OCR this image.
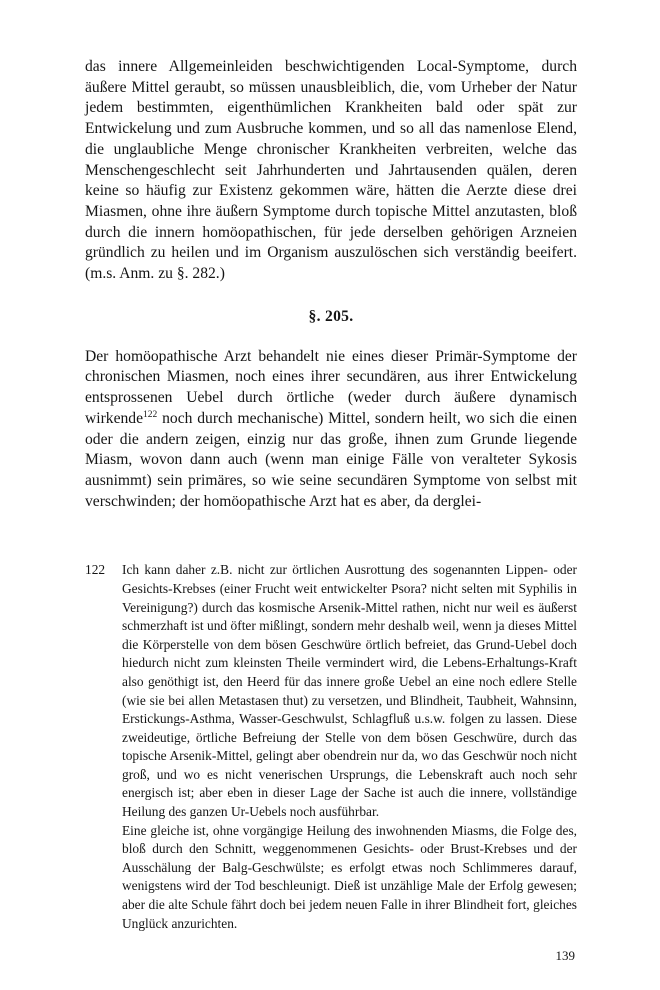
das innere Allgemeinleiden beschwichtigenden Local-Symptome, durch äußere Mittel geraubt, so müssen unausbleiblich, die, vom Urheber der Natur jedem bestimmten, eigenthümlichen Krankheiten bald oder spät zur Entwickelung und zum Ausbruche kommen, und so all das namenlose Elend, die unglaubliche Menge chronischer Krankheiten verbreiten, welche das Menschengeschlecht seit Jahrhunderten und Jahrtausenden quälen, deren keine so häufig zur Existenz gekommen wäre, hätten die Aerzte diese drei Miasmen, ohne ihre äußern Symptome durch topische Mittel anzutasten, bloß durch die innern homöopathischen, für jede derselben gehörigen Arzneien gründlich zu heilen und im Organism auszulöschen sich verständig beeifert. (m.s. Anm. zu §. 282.)

§. 205.

Der homöopathische Arzt behandelt nie eines dieser Primär-Symptome der chronischen Miasmen, noch eines ihrer secundären, aus ihrer Entwickelung entsprossenen Uebel durch örtliche (weder durch äußere dynamisch wirkende$^{122}$ noch durch mechanische) Mittel, sondern heilt, wo sich die einen oder die andern zeigen, einzig nur das große, ihnen zum Grunde liegende Miasm, wovon dann auch (wenn man einige Fälle von veralteter Sykosis ausnimmt) sein primäres, so wie seine secundären Symptome von selbst mit verschwinden; der homöopathische Arzt hat es aber, da derglei-

122 Ich kann daher z.B. nicht zur örtlichen Ausrottung des sogenannten Lippen- oder Gesichts-Krebses (einer Frucht weit entwickelter Psora? nicht selten mit Syphilis in Vereinigung?) durch das kosmische Arsenik-Mittel rathen, nicht nur weil es äußerst schmerzhaft ist und öfter mißlingt, sondern mehr deshalb weil, wenn ja dieses Mittel die Körperstelle von dem bösen Geschwüre örtlich befreiet, das Grund-Uebel doch hiedurch nicht zum kleinsten Theile vermindert wird, die Lebens-Erhaltungs-Kraft also genöthigt ist, den Heerd für das innere große Uebel an eine noch edlere Stelle (wie sie bei allen Metastasen thut) zu versetzen, und Blindheit, Taubheit, Wahnsinn, Erstickungs-Asthma, Wasser-Geschwulst, Schlagfluß u.s.w. folgen zu lassen. Diese zweideutige, örtliche Befreiung der Stelle von dem bösen Geschwüre, durch das topische Arsenik-Mittel, gelingt aber obendrein nur da, wo das Geschwür noch nicht groß, und wo es nicht venerischen Ursprungs, die Lebenskraft auch noch sehr energisch ist; aber eben in dieser Lage der Sache ist auch die innere, vollständige Heilung des ganzen Ur-Uebels noch ausführbar.
Eine gleiche ist, ohne vorgängige Heilung des inwohnenden Miasms, die Folge des, bloß durch den Schnitt, weggenommenen Gesichts- oder Brust-Krebses und der Ausschälung der Balg-Geschwülste; es erfolgt etwas noch Schlimmeres darauf, wenigstens wird der Tod beschleunigt. Dieß ist unzählige Male der Erfolg gewesen; aber die alte Schule fährt doch bei jedem neuen Falle in ihrer Blindheit fort, gleiches Unglück anzurichten.
139
